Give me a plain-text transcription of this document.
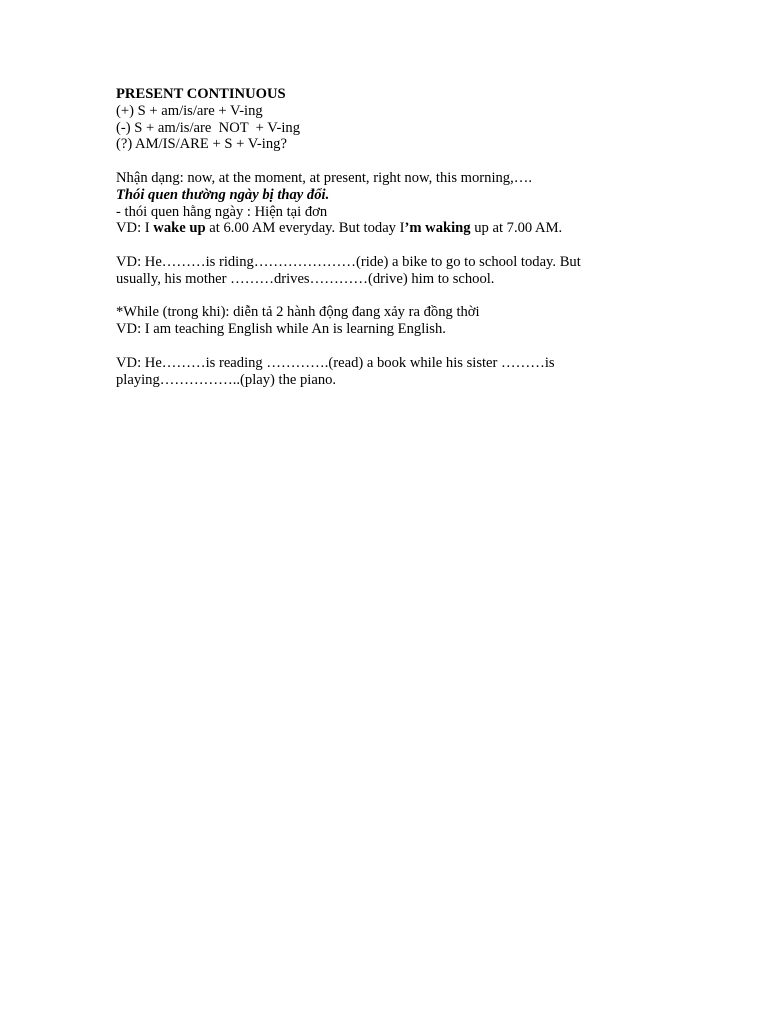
PRESENT CONTINUOUS

(+) S + am/is/are + V-ing

(-) S + am/is/are  NOT  + V-ing

(?) AM/IS/ARE + S + V-ing?

Nhận dạng: now, at the moment, at present, right now, this morning,….

Thói quen thường ngày bị thay đổi.

- thói quen hằng ngày : Hiện tại đơn

VD: I wake up at 6.00 AM everyday. But today I’m waking up at 7.00 AM.

VD: He………is riding…………………(ride) a bike to go to school today. But

usually, his mother ………drives…………(drive) him to school.

*While (trong khi): diễn tả 2 hành động đang xảy ra đồng thời

VD: I am teaching English while An is learning English.

VD: He………is reading ………….(read) a book while his sister ………is

playing……………..(play) the piano.
